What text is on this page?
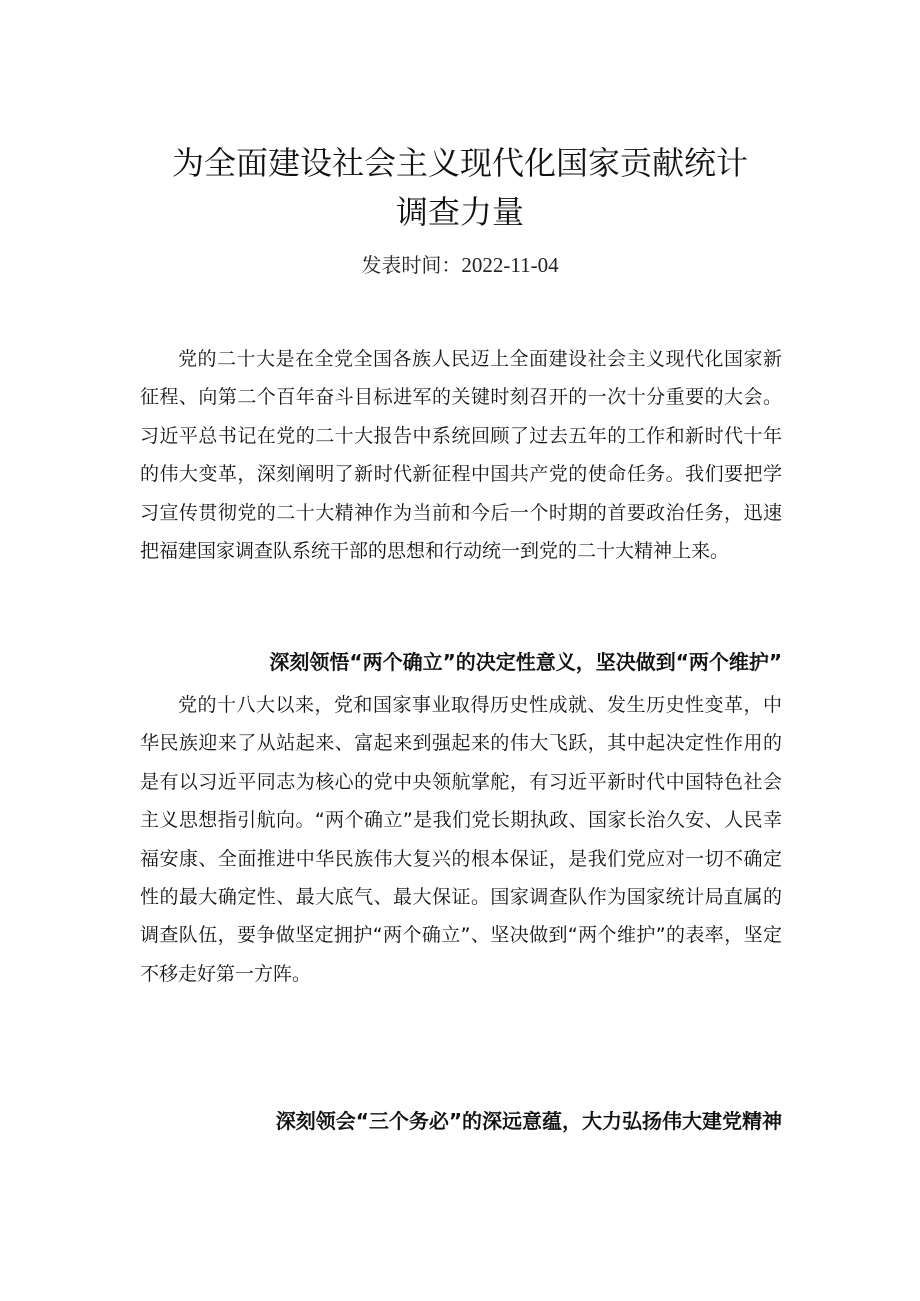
为全面建设社会主义现代化国家贡献统计
调查力量
发表时间：2022-11-04

党的二十大是在全党全国各族人民迈上全面建设社会主义现代化国家新征程、向第二个百年奋斗目标进军的关键时刻召开的一次十分重要的大会。习近平总书记在党的二十大报告中系统回顾了过去五年的工作和新时代十年的伟大变革，深刻阐明了新时代新征程中国共产党的使命任务。我们要把学习宣传贯彻党的二十大精神作为当前和今后一个时期的首要政治任务，迅速把福建国家调查队系统干部的思想和行动统一到党的二十大精神上来。

深刻领悟“两个确立”的决定性意义，坚决做到“两个维护”

党的十八大以来，党和国家事业取得历史性成就、发生历史性变革，中华民族迎来了从站起来、富起来到强起来的伟大飞跃，其中起决定性作用的是有以习近平同志为核心的党中央领航掌舵，有习近平新时代中国特色社会主义思想指引航向。“两个确立”是我们党长期执政、国家长治久安、人民幸福安康、全面推进中华民族伟大复兴的根本保证，是我们党应对一切不确定性的最大确定性、最大底气、最大保证。国家调查队作为国家统计局直属的调查队伍，要争做坚定拥护“两个确立”、坚决做到“两个维护”的表率，坚定不移走好第一方阵。

深刻领会“三个务必”的深远意蕴，大力弘扬伟大建党精神
